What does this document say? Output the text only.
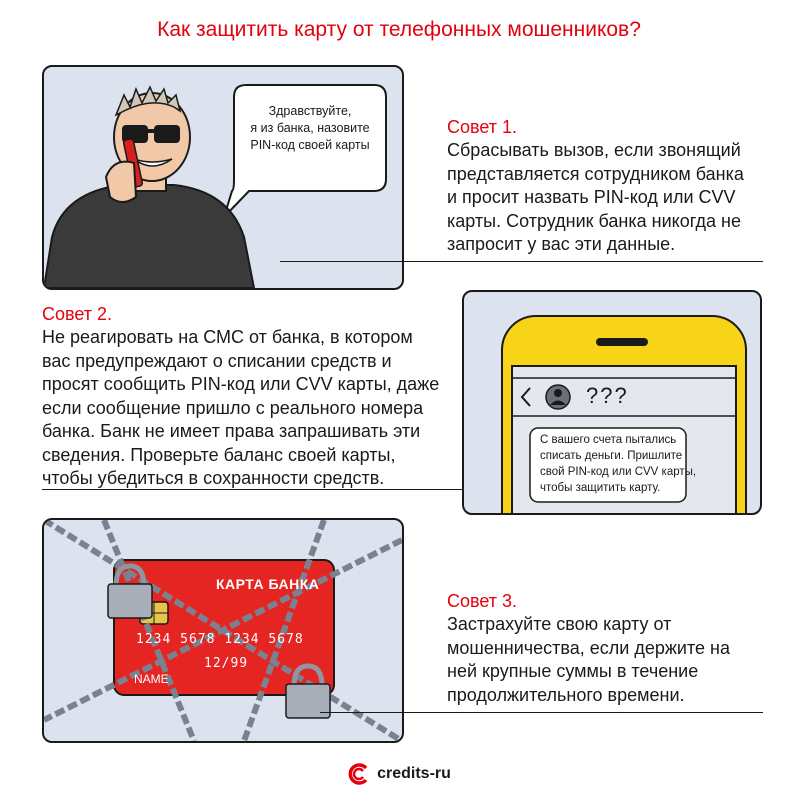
Как защитить карту от телефонных мошенников?
Здравствуйте,
я из банка, назовите
PIN-код своей карты
Совет 1.
Сбрасывать вызов, если звонящий
представляется сотрудником банка
и просит назвать PIN-код или CVV
карты. Сотрудник банка никогда не
запросит у вас эти данные.
Совет 2.
Не реагировать на СМС от банка, в котором
вас предупреждают о списании средств и
просят сообщить PIN-код или CVV карты, даже
если сообщение пришло с реального номера
банка. Банк не имеет права запрашивать эти
сведения. Проверьте баланс своей карты,
чтобы убедиться в сохранности средств.
???
С вашего счета пытались
списать деньги. Пришлите
свой PIN-код или CVV карты,
чтобы защитить карту.
КАРТА БАНКА
1234 5678 1234 5678
12/99
NAME
Совет 3.
Застрахуйте свою карту от
мошенничества, если держите на
ней крупные суммы в течение
продолжительного времени.
credits-ru
